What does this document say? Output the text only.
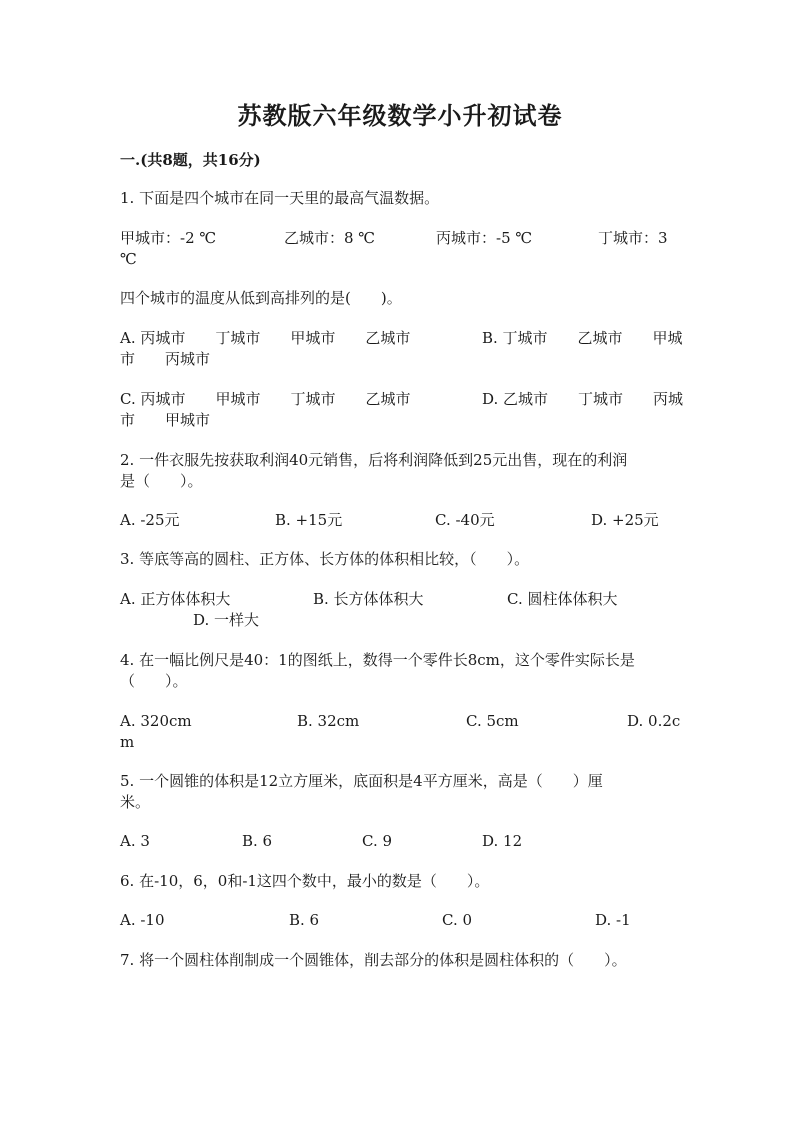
苏教版六年级数学小升初试卷
一.(共8题，共16分)
1. 下面是四个城市在同一天里的最高气温数据。
甲城市：-2 ℃	乙城市：8 ℃	丙城市：-5 ℃	丁城市：3
℃
四个城市的温度从低到高排列的是(　　)。
A. 丙城市　　丁城市　　甲城市　　乙城市	B. 丁城市　　乙城市　　甲城
市　　丙城市
C. 丙城市　　甲城市　　丁城市　　乙城市	D. 乙城市　　丁城市　　丙城
市　　甲城市
2. 一件衣服先按获取利润40元销售，后将利润降低到25元出售，现在的利润
是（　　）。
A. -25元	B. +15元	C. -40元	D. +25元
3. 等底等高的圆柱、正方体、长方体的体积相比较，（　　）。
A. 正方体体积大	B. 长方体体积大	C. 圆柱体体积大
D. 一样大
4. 在一幅比例尺是40：1的图纸上，数得一个零件长8cm，这个零件实际长是
（　　）。
A. 320cm	B. 32cm	C. 5cm	D. 0.2c
m
5. 一个圆锥的体积是12立方厘米，底面积是4平方厘米，高是（　　）厘
米。
A. 3	B. 6	C. 9	D. 12
6. 在-10，6，0和-1这四个数中，最小的数是（　　）。
A. -10	B. 6	C. 0	D. -1
7. 将一个圆柱体削制成一个圆锥体，削去部分的体积是圆柱体积的（　　）。
